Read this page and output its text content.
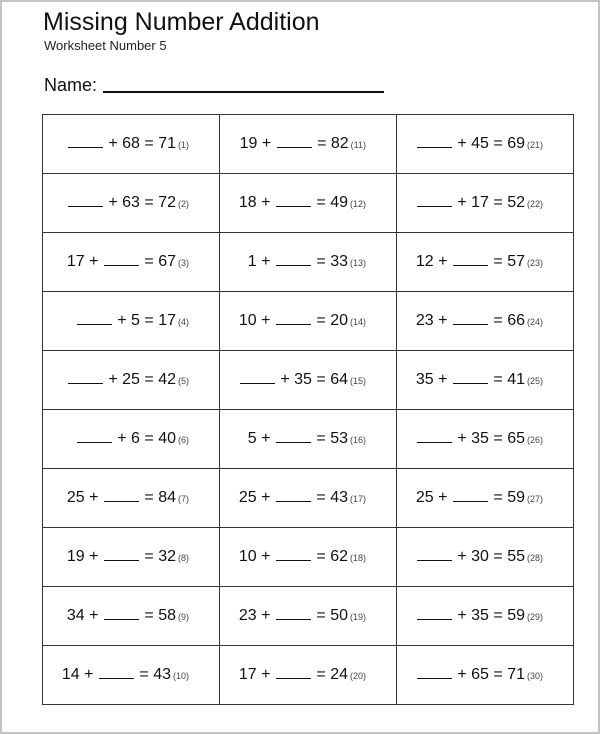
Missing Number Addition
Worksheet Number 5
Name:
+ 68 = 71 (1)	19 + = 82 (11)	+ 45 = 69 (21)

+ 63 = 72 (2)	18 + = 49 (12)	+ 17 = 52 (22)

17 + = 67 (3)	1 + = 33 (13)	12 + = 57 (23)

+ 5 = 17 (4)	10 + = 20 (14)	23 + = 66 (24)

+ 25 = 42 (5)	+ 35 = 64 (15)	35 + = 41 (25)

+ 6 = 40 (6)	5 + = 53 (16)	+ 35 = 65 (26)

25 + = 84 (7)	25 + = 43 (17)	25 + = 59 (27)

19 + = 32 (8)	10 + = 62 (18)	+ 30 = 55 (28)

34 + = 58 (9)	23 + = 50 (19)	+ 35 = 59 (29)

14 + = 43 (10)	17 + = 24 (20)	+ 65 = 71 (30)
